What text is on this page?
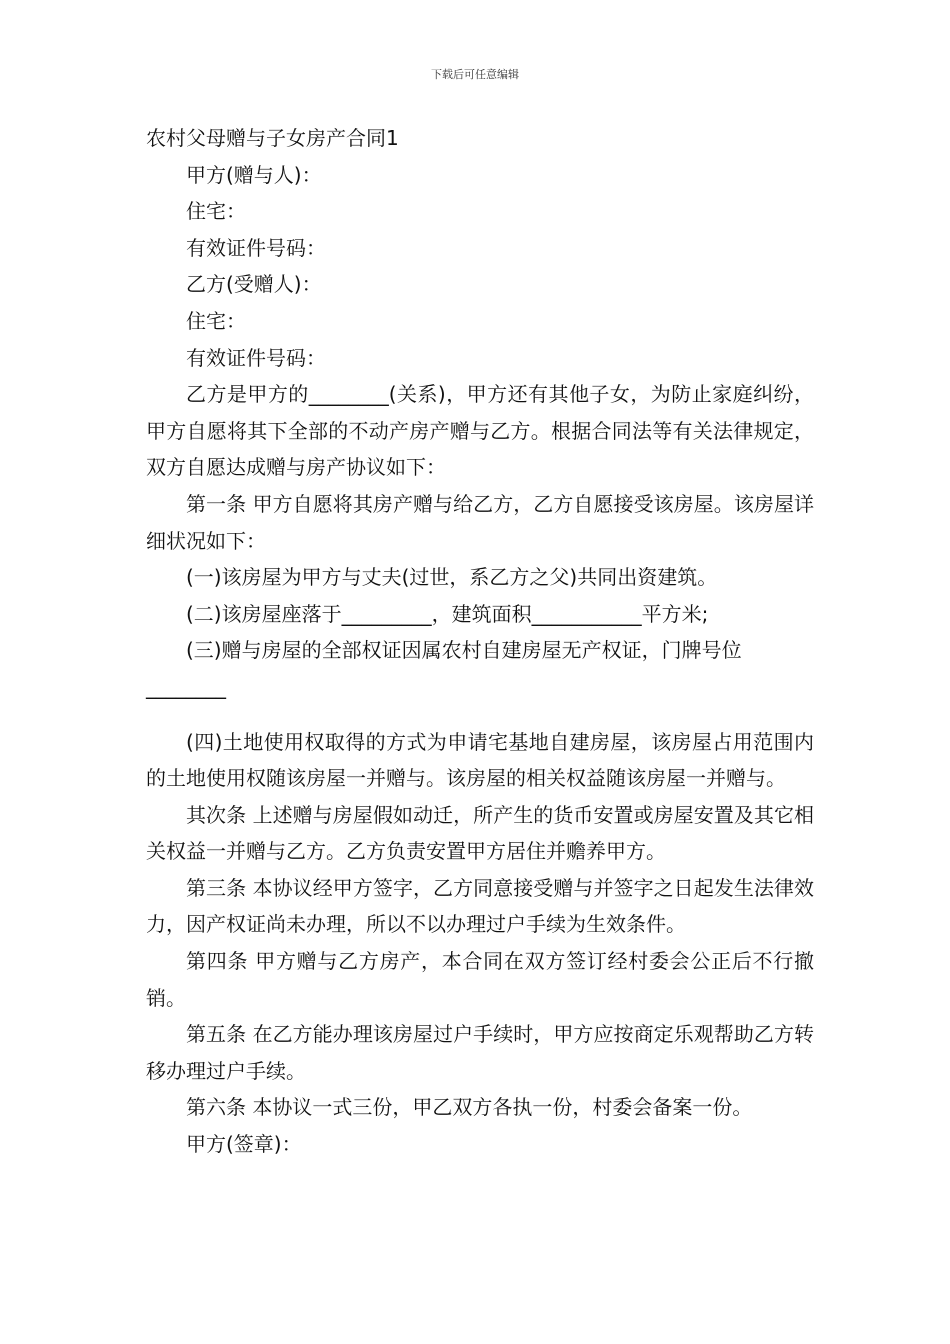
下载后可任意编辑
农村父母赠与子女房产合同1
甲方(赠与人)：
住宅：
有效证件号码：
乙方(受赠人)：
住宅：
有效证件号码：
乙方是甲方的________(关系)，甲方还有其他子女，为防止家庭纠纷，甲方自愿将其下全部的不动产房产赠与乙方。根据合同法等有关法律规定，双方自愿达成赠与房产协议如下：
第一条 甲方自愿将其房产赠与给乙方，乙方自愿接受该房屋。该房屋详细状况如下：
(一)该房屋为甲方与丈夫(过世，系乙方之父)共同出资建筑。
(二)该房屋座落于_________，建筑面积___________平方米;
(三)赠与房屋的全部权证因属农村自建房屋无产权证，门牌号位
________
(四)土地使用权取得的方式为申请宅基地自建房屋，该房屋占用范围内的土地使用权随该房屋一并赠与。该房屋的相关权益随该房屋一并赠与。
其次条 上述赠与房屋假如动迁，所产生的货币安置或房屋安置及其它相关权益一并赠与乙方。乙方负责安置甲方居住并赡养甲方。
第三条 本协议经甲方签字，乙方同意接受赠与并签字之日起发生法律效力，因产权证尚未办理，所以不以办理过户手续为生效条件。
第四条 甲方赠与乙方房产，本合同在双方签订经村委会公正后不行撤销。
第五条 在乙方能办理该房屋过户手续时，甲方应按商定乐观帮助乙方转移办理过户手续。
第六条 本协议一式三份，甲乙双方各执一份，村委会备案一份。
甲方(签章)：
